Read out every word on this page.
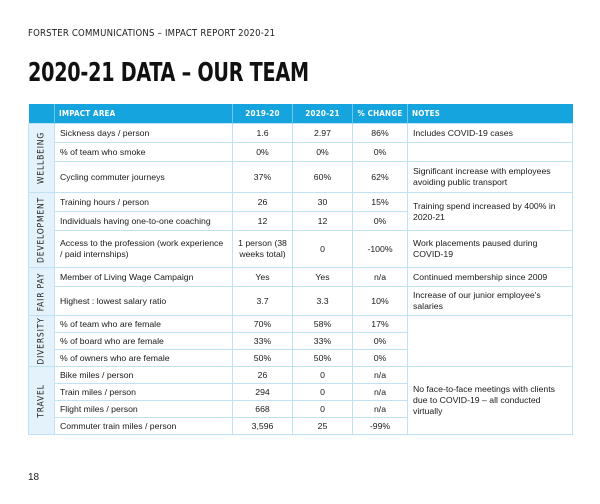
FORSTER COMMUNICATIONS – IMPACT REPORT 2020-21
2020-21 DATA – OUR TEAM
	IMPACT AREA	2019-20	2020-21	% CHANGE	NOTES

WELLBEING	Sickness days / person	1.6	2.97	86%	Includes COVID-19 cases
	% of team who smoke	0%	0%	0%	
	Cycling commuter journeys	37%	60%	62%	Significant increase with employees avoiding public transport

DEVELOPMENT	Training hours / person	26	30	15%	Training spend increased by 400% in 2020-21
	Individuals having one-to-one coaching	12	12	0%	
	Access to the profession (work experience / paid internships)	1 person (38 weeks total)	0	-100%	Work placements paused during COVID-19

FAIR PAY	Member of Living Wage Campaign	Yes	Yes	n/a	Continued membership since 2009
	Highest : lowest salary ratio	3.7	3.3	10%	Increase of our junior employee's salaries

DIVERSITY	% of team who are female	70%	58%	17%	
	% of board who are female	33%	33%	0%	
	% of owners who are female	50%	50%	0%	

TRAVEL	Bike miles / person	26	0	n/a	No face-to-face meetings with clients due to COVID-19 – all conducted virtually
	Train miles / person	294	0	n/a	
	Flight miles / person	668	0	n/a	
	Commuter train miles / person	3,596	25	-99%	
18
